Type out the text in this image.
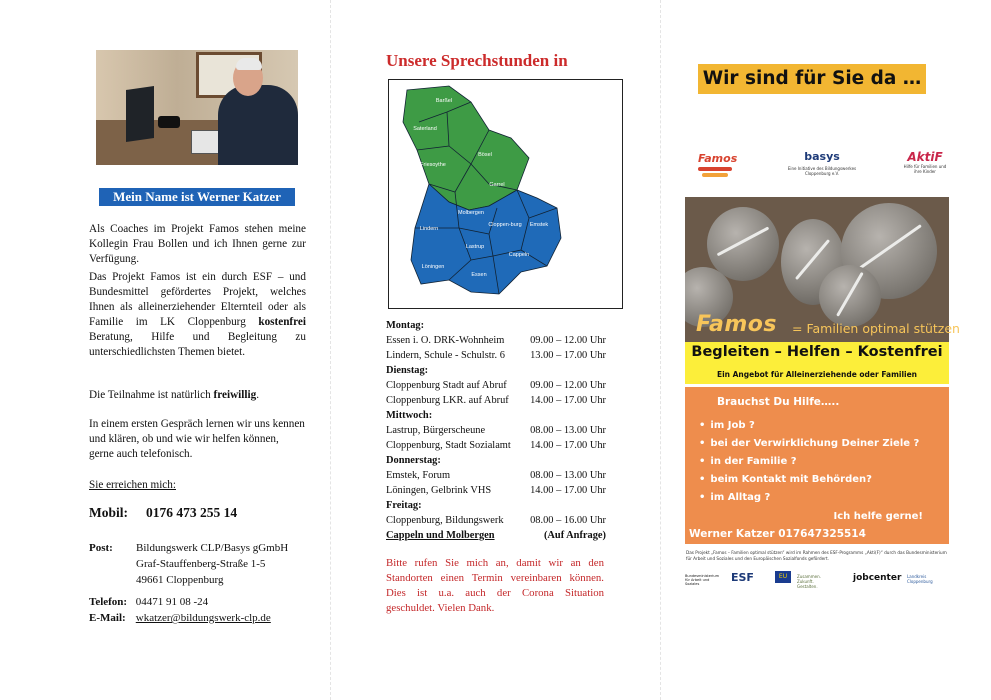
Mein Name ist Werner Katzer
Als Coaches im Projekt Famos stehen meine Kollegin Frau Bollen und ich Ihnen gerne zur Verfügung.
Das Projekt Famos ist ein durch ESF – und Bundesmittel gefördertes Projekt, welches Ihnen als alleinerziehender Elternteil oder als Familie im LK Cloppenburg kostenfrei Beratung, Hilfe und Begleitung zu unterschiedlichsten Themen bietet.
Die Teilnahme ist natürlich freiwillig.
In einem ersten Gespräch lernen wir uns kennen und klären, ob und wie wir helfen können, gerne auch telefonisch.
Sie erreichen mich:
Mobil: 0176 473 255 14
Post: Bildungswerk CLP/Basys gGmbH
Graf-Stauffenberg-Straße 1-5
49661 Cloppenburg
Telefon: 04471 91 08 -24
E-Mail: wkatzer@bildungswerk-clp.de
Unsere Sprechstunden in
Barßel
Saterland
Friesoythe
Bösel
Garrel
Molbergen
Lindern
Cloppen-burg Emstek
Lastrup
Cappeln
Löningen
Essen
Montag:
Essen i. O. DRK-Wohnheim 09.00 – 12.00 Uhr
Lindern, Schule - Schulstr. 6 13.00 – 17.00 Uhr
Dienstag:
Cloppenburg Stadt auf Abruf 09.00 – 12.00 Uhr
Cloppenburg LKR. auf Abruf 14.00 – 17.00 Uhr
Mittwoch:
Lastrup, Bürgerscheune	08.00 – 13.00 Uhr
Cloppenburg, Stadt Sozialamt 14.00 – 17.00 Uhr
Donnerstag:
Emstek, Forum	08.00 – 13.00 Uhr
Löningen, Gelbrink VHS	14.00 – 17.00 Uhr
Freitag:
Cloppenburg, Bildungswerk	08.00 – 16.00 Uhr
Cappeln und Molbergen	(Auf Anfrage)
Bitte rufen Sie mich an, damit wir an den Standorten einen Termin vereinbaren können. Dies ist u.a. auch der Corona Situation geschuldet. Vielen Dank.
Wir sind für Sie da …
Famos	basys
Eine Initiative des Bildungswerkes Cloppenburg e.V.
AktiF
Hilfe für Familien und ihre Kinder
Famos = Familien optimal stützen
Begleiten – Helfen – Kostenfrei
Ein Angebot für Alleinerziehende oder Familien
Brauchst Du Hilfe…..
• im Job ?
• bei der Verwirklichung Deiner Ziele ?
• in der Familie ?
• beim Kontakt mit Behörden?
• im Alltag ?
Ich helfe gerne!
Werner Katzer 017647325514
Das Projekt „Famos – Familien optimal stützen“ wird im Rahmen des ESF-Programms „Akti(F)“ durch das Bundesministerium für Arbeit und Soziales und den Europäischen Sozialfonds gefördert.
Bundesministerium für Arbeit und Soziales	ESF	EU	Zusammen. Zukunft. Gestalten.
jobcenter Landkreis Cloppenburg
